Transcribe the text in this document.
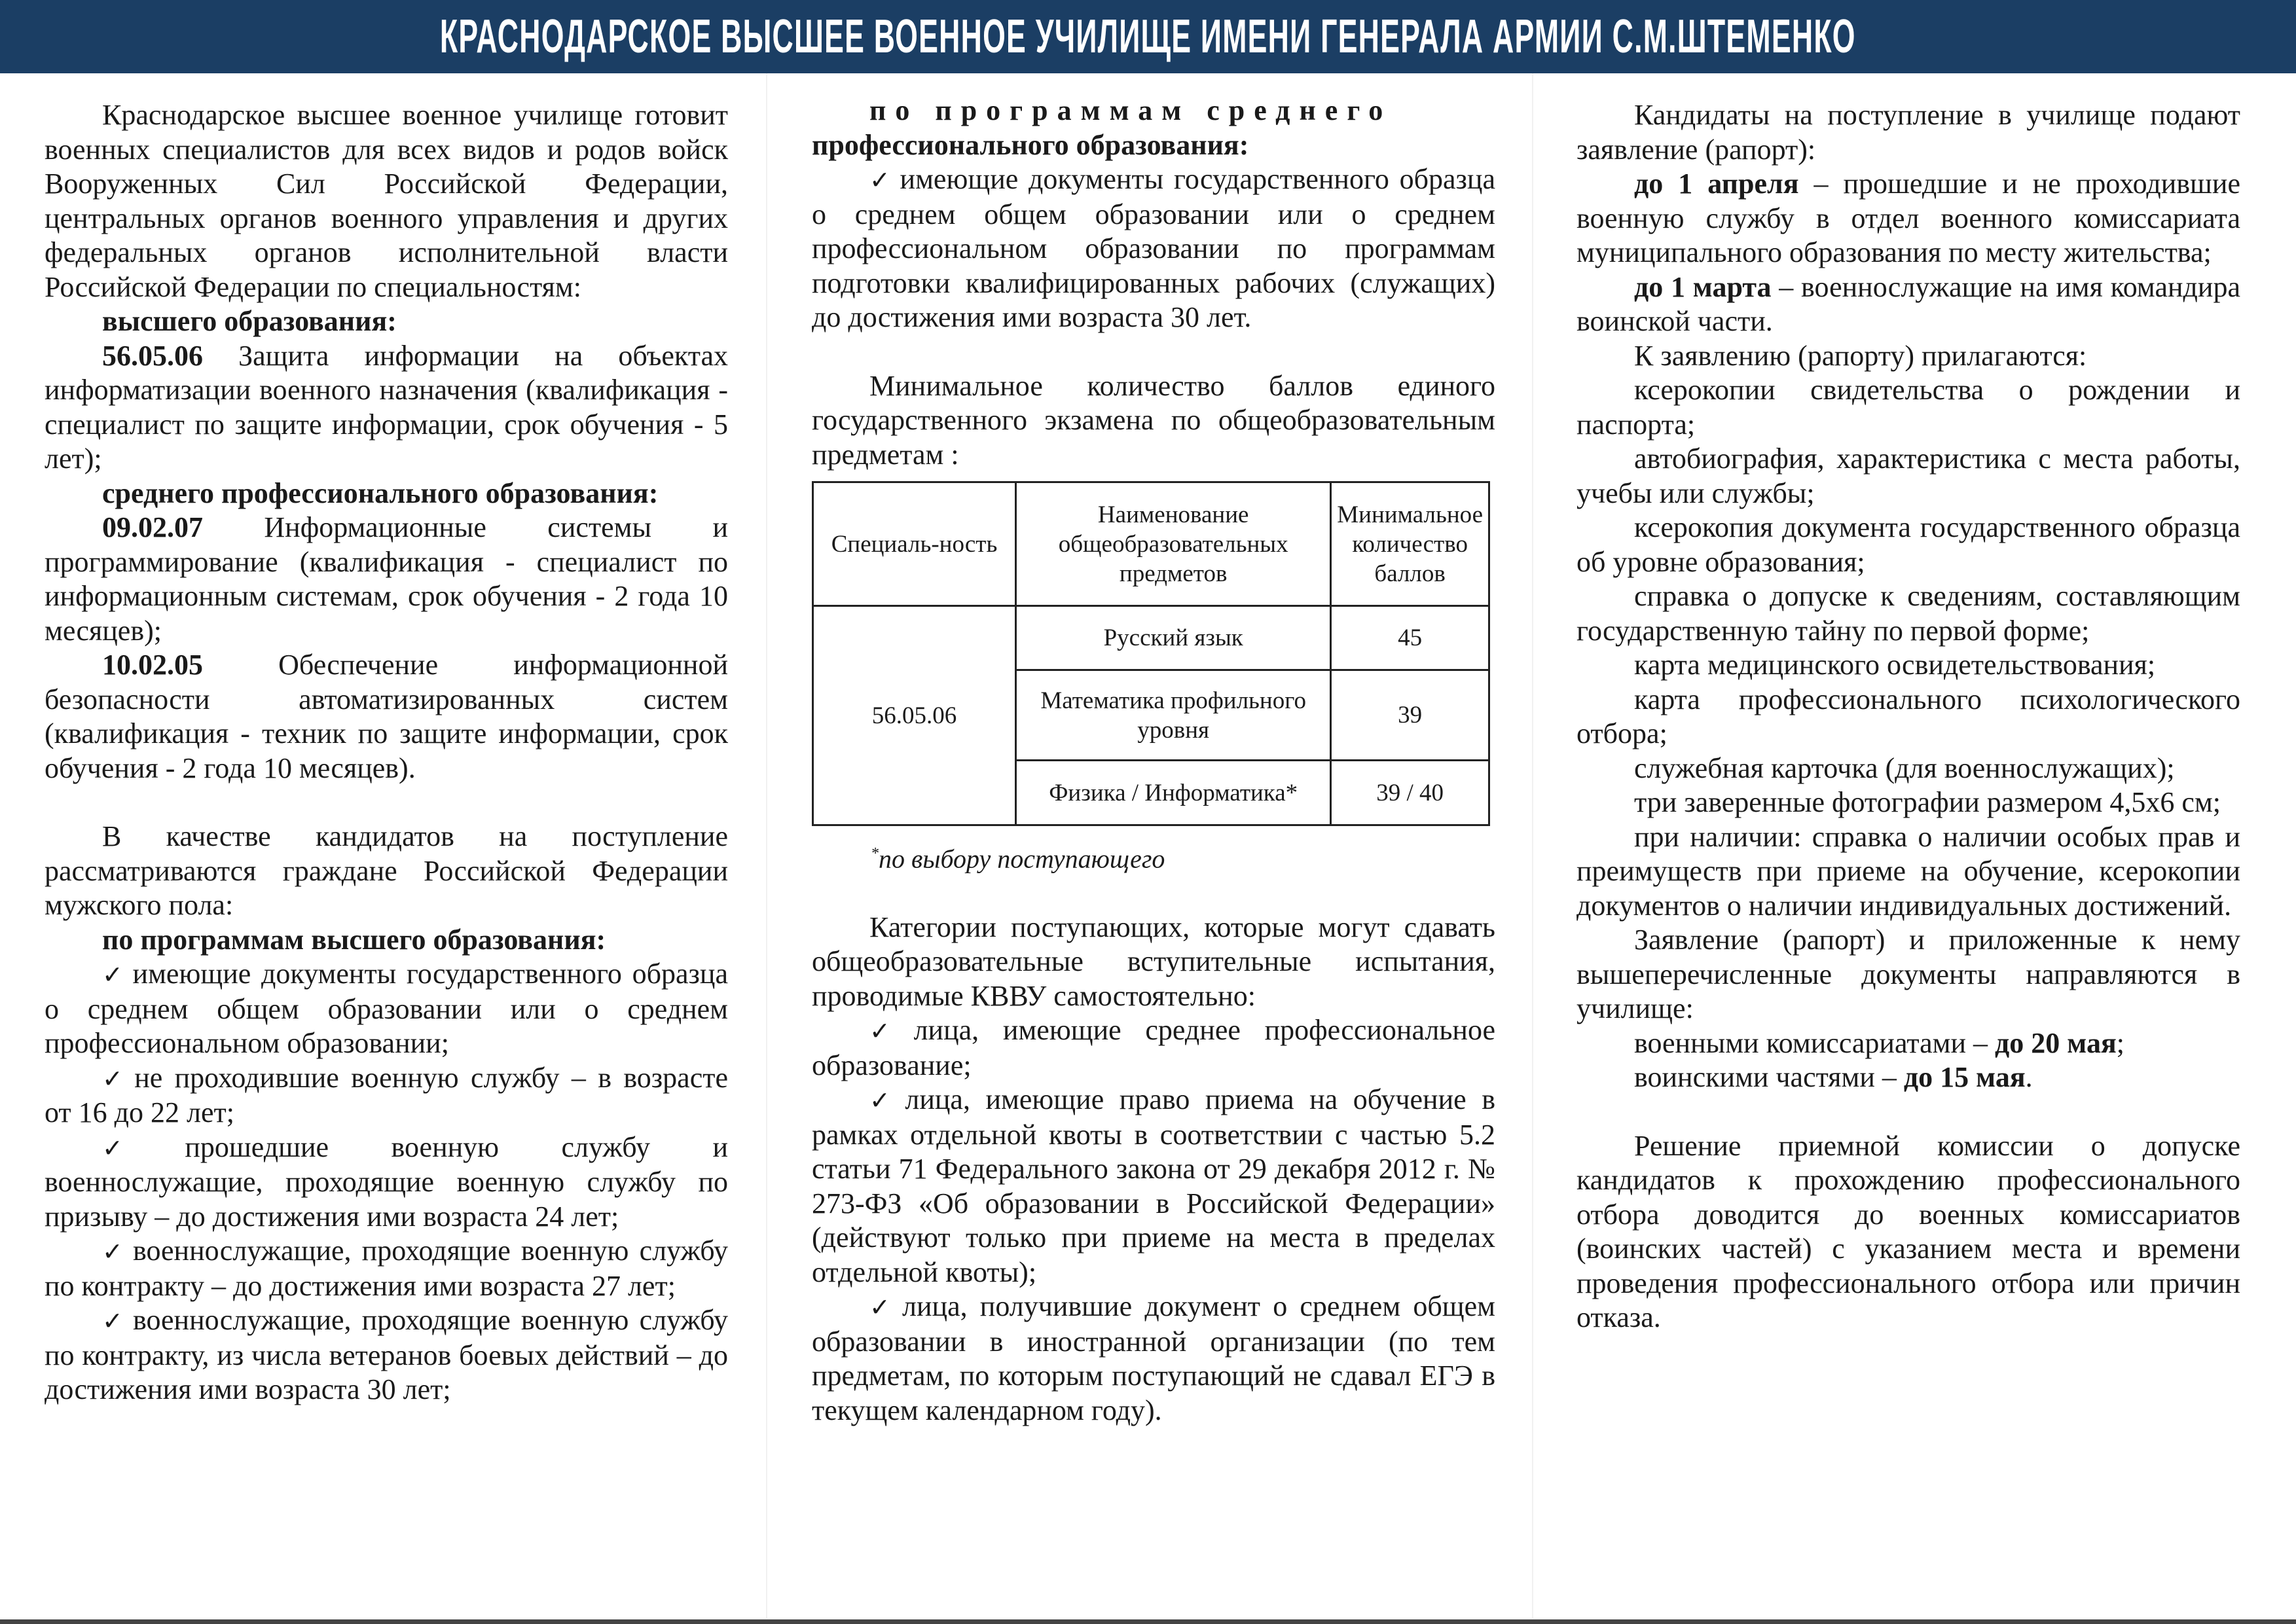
КРАСНОДАРСКОЕ ВЫСШЕЕ ВОЕННОЕ УЧИЛИЩЕ ИМЕНИ ГЕНЕРАЛА АРМИИ С.М.ШТЕМЕНКО

Краснодарское высшее военное училище готовит военных специалистов для всех видов и родов войск Вооруженных Сил Российской Федерации, центральных органов военного управления и других федеральных органов исполнительной власти Российской Федерации по специальностям:

высшего образования:

56.05.06 Защита информации на объектах информатизации военного назначения (квалификация - специалист по защите информации, срок обучения - 5 лет);

среднего профессионального образования:

09.02.07 Информационные системы и программирование (квалификация - специалист по информационным системам, срок обучения - 2 года 10 месяцев);

10.02.05 Обеспечение информационной безопасности автоматизированных систем (квалификация - техник по защите информации, срок обучения - 2 года 10 месяцев).

В качестве кандидатов на поступление рассматриваются граждане Российской Федерации мужского пола:

по программам высшего образования:

✓ имеющие документы государственного образца о среднем общем образовании или о среднем профессиональном образовании;

✓ не проходившие военную службу – в возрасте от 16 до 22 лет;

✓ прошедшие военную службу и военнослужащие, проходящие военную службу по призыву – до достижения ими возраста 24 лет;

✓ военнослужащие, проходящие военную службу по контракту – до достижения ими возраста 27 лет;

✓ военнослужащие, проходящие военную службу по контракту, из числа ветеранов боевых действий – до достижения ими возраста 30 лет;

по программам среднего

профессионального образования:

✓ имеющие документы государственного образца о среднем общем образовании или о среднем профессиональном образовании по программам подготовки квалифицированных рабочих (служащих) до достижения ими возраста 30 лет.

Минимальное количество баллов единого государственного экзамена по общеобразовательным предметам :

Специаль-ность	Наименование общеобразовательных предметов	Минимальное количество баллов
56.05.06	Русский язык	45
	Математика профильного уровня	39
	Физика / Информатика*	39 / 40
*по выбору поступающего

Категории поступающих, которые могут сдавать общеобразовательные вступительные испытания, проводимые КВВУ самостоятельно:

✓ лица, имеющие среднее профессиональное образование;

✓ лица, имеющие право приема на обучение в рамках отдельной квоты в соответствии с частью 5.2 статьи 71 Федерального закона от 29 декабря 2012 г. № 273-ФЗ «Об образовании в Российской Федерации» (действуют только при приеме на места в пределах отдельной квоты);

✓ лица, получившие документ о среднем общем образовании в иностранной организации (по тем предметам, по которым поступающий не сдавал ЕГЭ в текущем календарном году).

Кандидаты на поступление в училище подают заявление (рапорт):

до 1 апреля – прошедшие и не проходившие военную службу в отдел военного комиссариата муниципального образования по месту жительства;

до 1 марта – военнослужащие на имя командира воинской части.

К заявлению (рапорту) прилагаются:

ксерокопии свидетельства о рождении и паспорта;

автобиография, характеристика с места работы, учебы или службы;

ксерокопия документа государственного образца об уровне образования;

справка о допуске к сведениям, составляющим государственную тайну по первой форме;

карта медицинского освидетельствования;

карта профессионального психологического отбора;

служебная карточка (для военнослужащих);

три заверенные фотографии размером 4,5х6 см;

при наличии: справка о наличии особых прав и преимуществ при приеме на обучение, ксерокопии документов о наличии индивидуальных достижений.

Заявление (рапорт) и приложенные к нему вышеперечисленные документы направляются в училище:

военными комиссариатами – до 20 мая;

воинскими частями – до 15 мая.

Решение приемной комиссии о допуске кандидатов к прохождению профессионального отбора доводится до военных комиссариатов (воинских частей) с указанием места и времени проведения профессионального отбора или причин отказа.
